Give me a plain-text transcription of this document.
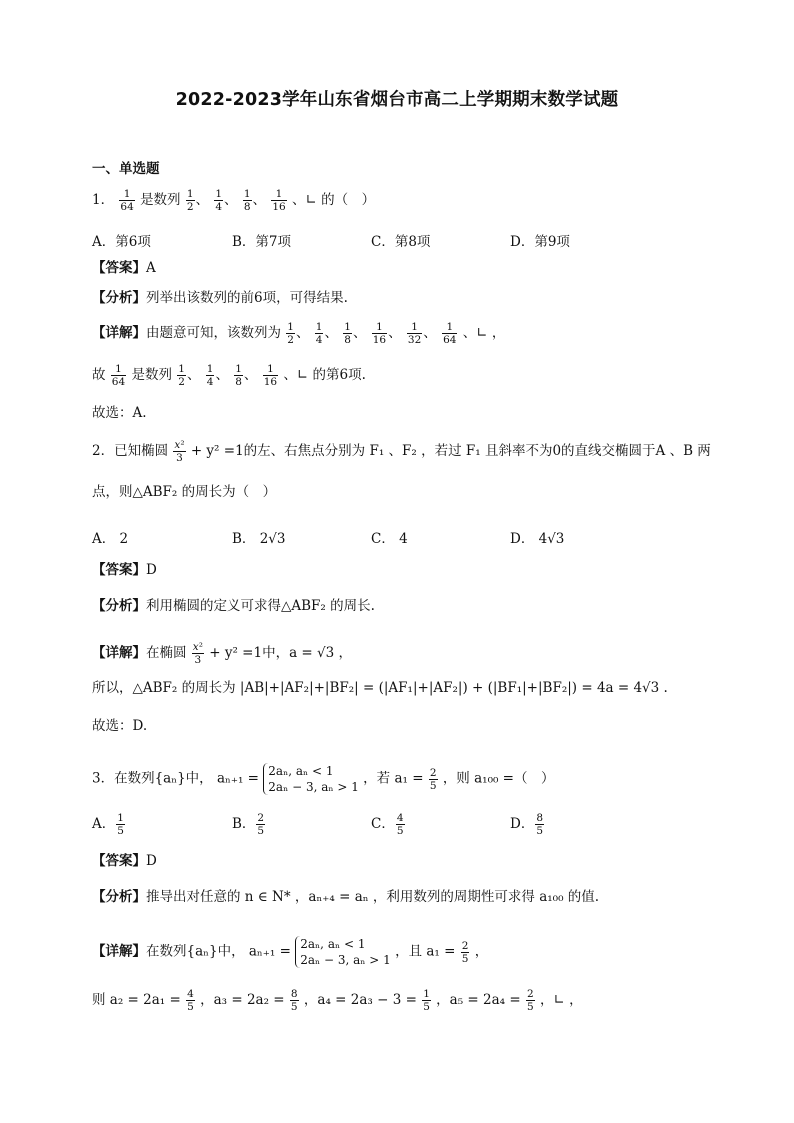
2022-2023学年山东省烟台市高二上学期期末数学试题
一、单选题
1． $\frac{1}{64}$ 是数列 $\frac{1}{2}$ 、 $\frac{1}{4}$ 、 $\frac{1}{8}$ 、 $\frac{1}{16}$ 、∟ 的（　）
A．第6项	B．第7项	C．第8项	D．第9项
【答案】A
【分析】列举出该数列的前6项，可得结果.
【详解】由题意可知，该数列为 $\frac{1}{2}$ 、 $\frac{1}{4}$ 、 $\frac{1}{8}$ 、 $\frac{1}{16}$ 、 $\frac{1}{32}$ 、 $\frac{1}{64}$ 、∟ ，
故 $\frac{1}{64}$ 是数列 $\frac{1}{2}$ 、 $\frac{1}{4}$ 、 $\frac{1}{8}$ 、 $\frac{1}{16}$ 、∟ 的第6项.
故选：A.
2．已知椭圆 $\frac{\text{x²}}{3} + y^2 =1$的左、右焦点分别为 F₁ 、F₂ ，若过 F₁ 且斜率不为0的直线交椭圆于A 、B 两
点，则△ABF₂ 的周长为（　）
A． 2	B． 2√3	C． 4	D． 4√3
【答案】D
【分析】利用椭圆的定义可求得△ABF₂ 的周长.
【详解】在椭圆 $\frac{\text{x²}}{3} + y^2 =1$中，a = √3 ，
所以，△ABF₂ 的周长为 |AB|+|AF₂|+|BF₂| = (|AF₁|+|AF₂|) + (|BF₁|+|BF₂|) = 4a = 4√3 .
故选：D.
3．在数列{aₙ}中， aₙ₊₁ = 2aₙ, aₙ < 1
2aₙ − 3, aₙ > 1
，若 $a_1 = \frac{2}{5}$ ，则 a₁₀₀ =（　）
A． $\frac{1}{5}$	B． $\frac{2}{5}$	C． $\frac{4}{5}$	D． $\frac{8}{5}$
【答案】D
【分析】推导出对任意的 n ∈ N* ，aₙ₊₄ = aₙ ，利用数列的周期性可求得 a₁₀₀ 的值.
【详解】在数列{aₙ}中， aₙ₊₁ = 2aₙ, aₙ < 1
2aₙ − 3, aₙ > 1
，且 $a_1 = \frac{2}{5}$ ，
则 $a_2 = 2a_1 = \frac{4}{5}$ ，$a_3 = 2a_2 = \frac{8}{5}$ ，$a_4 = 2a_3 - 3 = \frac{1}{5}$ ，$a_5 = 2a_4 = \frac{2}{5}$ ，∟ ，
